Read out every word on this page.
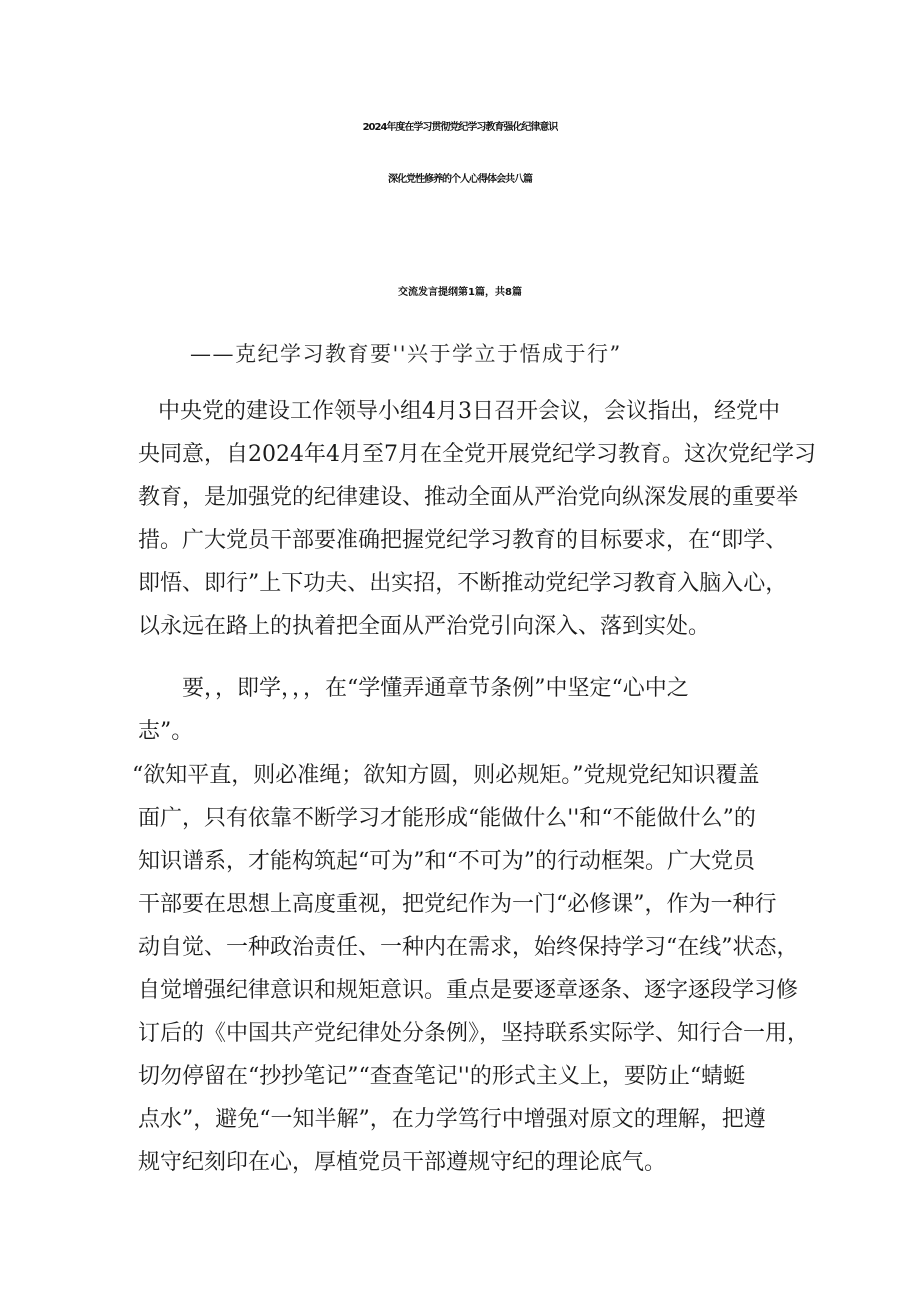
2024年度在学习贯彻党纪学习教育强化纪律意识
深化党性修养的个人心得体会共八篇
交流发言提纲第1篇，共8篇
——克纪学习教育要''兴于学立于悟成于行”
中央党的建设工作领导小组4月3日召开会议，会议指出，经党中
央同意，自2024年4月至7月在全党开展党纪学习教育。这次党纪学习
教育，是加强党的纪律建设、推动全面从严治党向纵深发展的重要举
措。广大党员干部要准确把握党纪学习教育的目标要求，在“即学、
即悟、即行”上下功夫、出实招，不断推动党纪学习教育入脑入心，
以永远在路上的执着把全面从严治党引向深入、落到实处。
要，，即学，，，在“学懂弄通章节条例”中坚定“心中之
志”。
“欲知平直，则必准绳；欲知方圆，则必规矩。”党规党纪知识覆盖
面广，只有依靠不断学习才能形成“能做什么''和“不能做什么”的
知识谱系，才能构筑起“可为”和“不可为”的行动框架。广大党员
干部要在思想上高度重视，把党纪作为一门“必修课”，作为一种行
动自觉、一种政治责任、一种内在需求，始终保持学习“在线”状态，
自觉增强纪律意识和规矩意识。重点是要逐章逐条、逐字逐段学习修
订后的《中国共产党纪律处分条例》，坚持联系实际学、知行合一用，
切勿停留在“抄抄笔记”“查查笔记''的形式主义上，要防止“蜻蜓
点水”，避免“一知半解”，在力学笃行中增强对原文的理解，把遵
规守纪刻印在心，厚植党员干部遵规守纪的理论底气。
